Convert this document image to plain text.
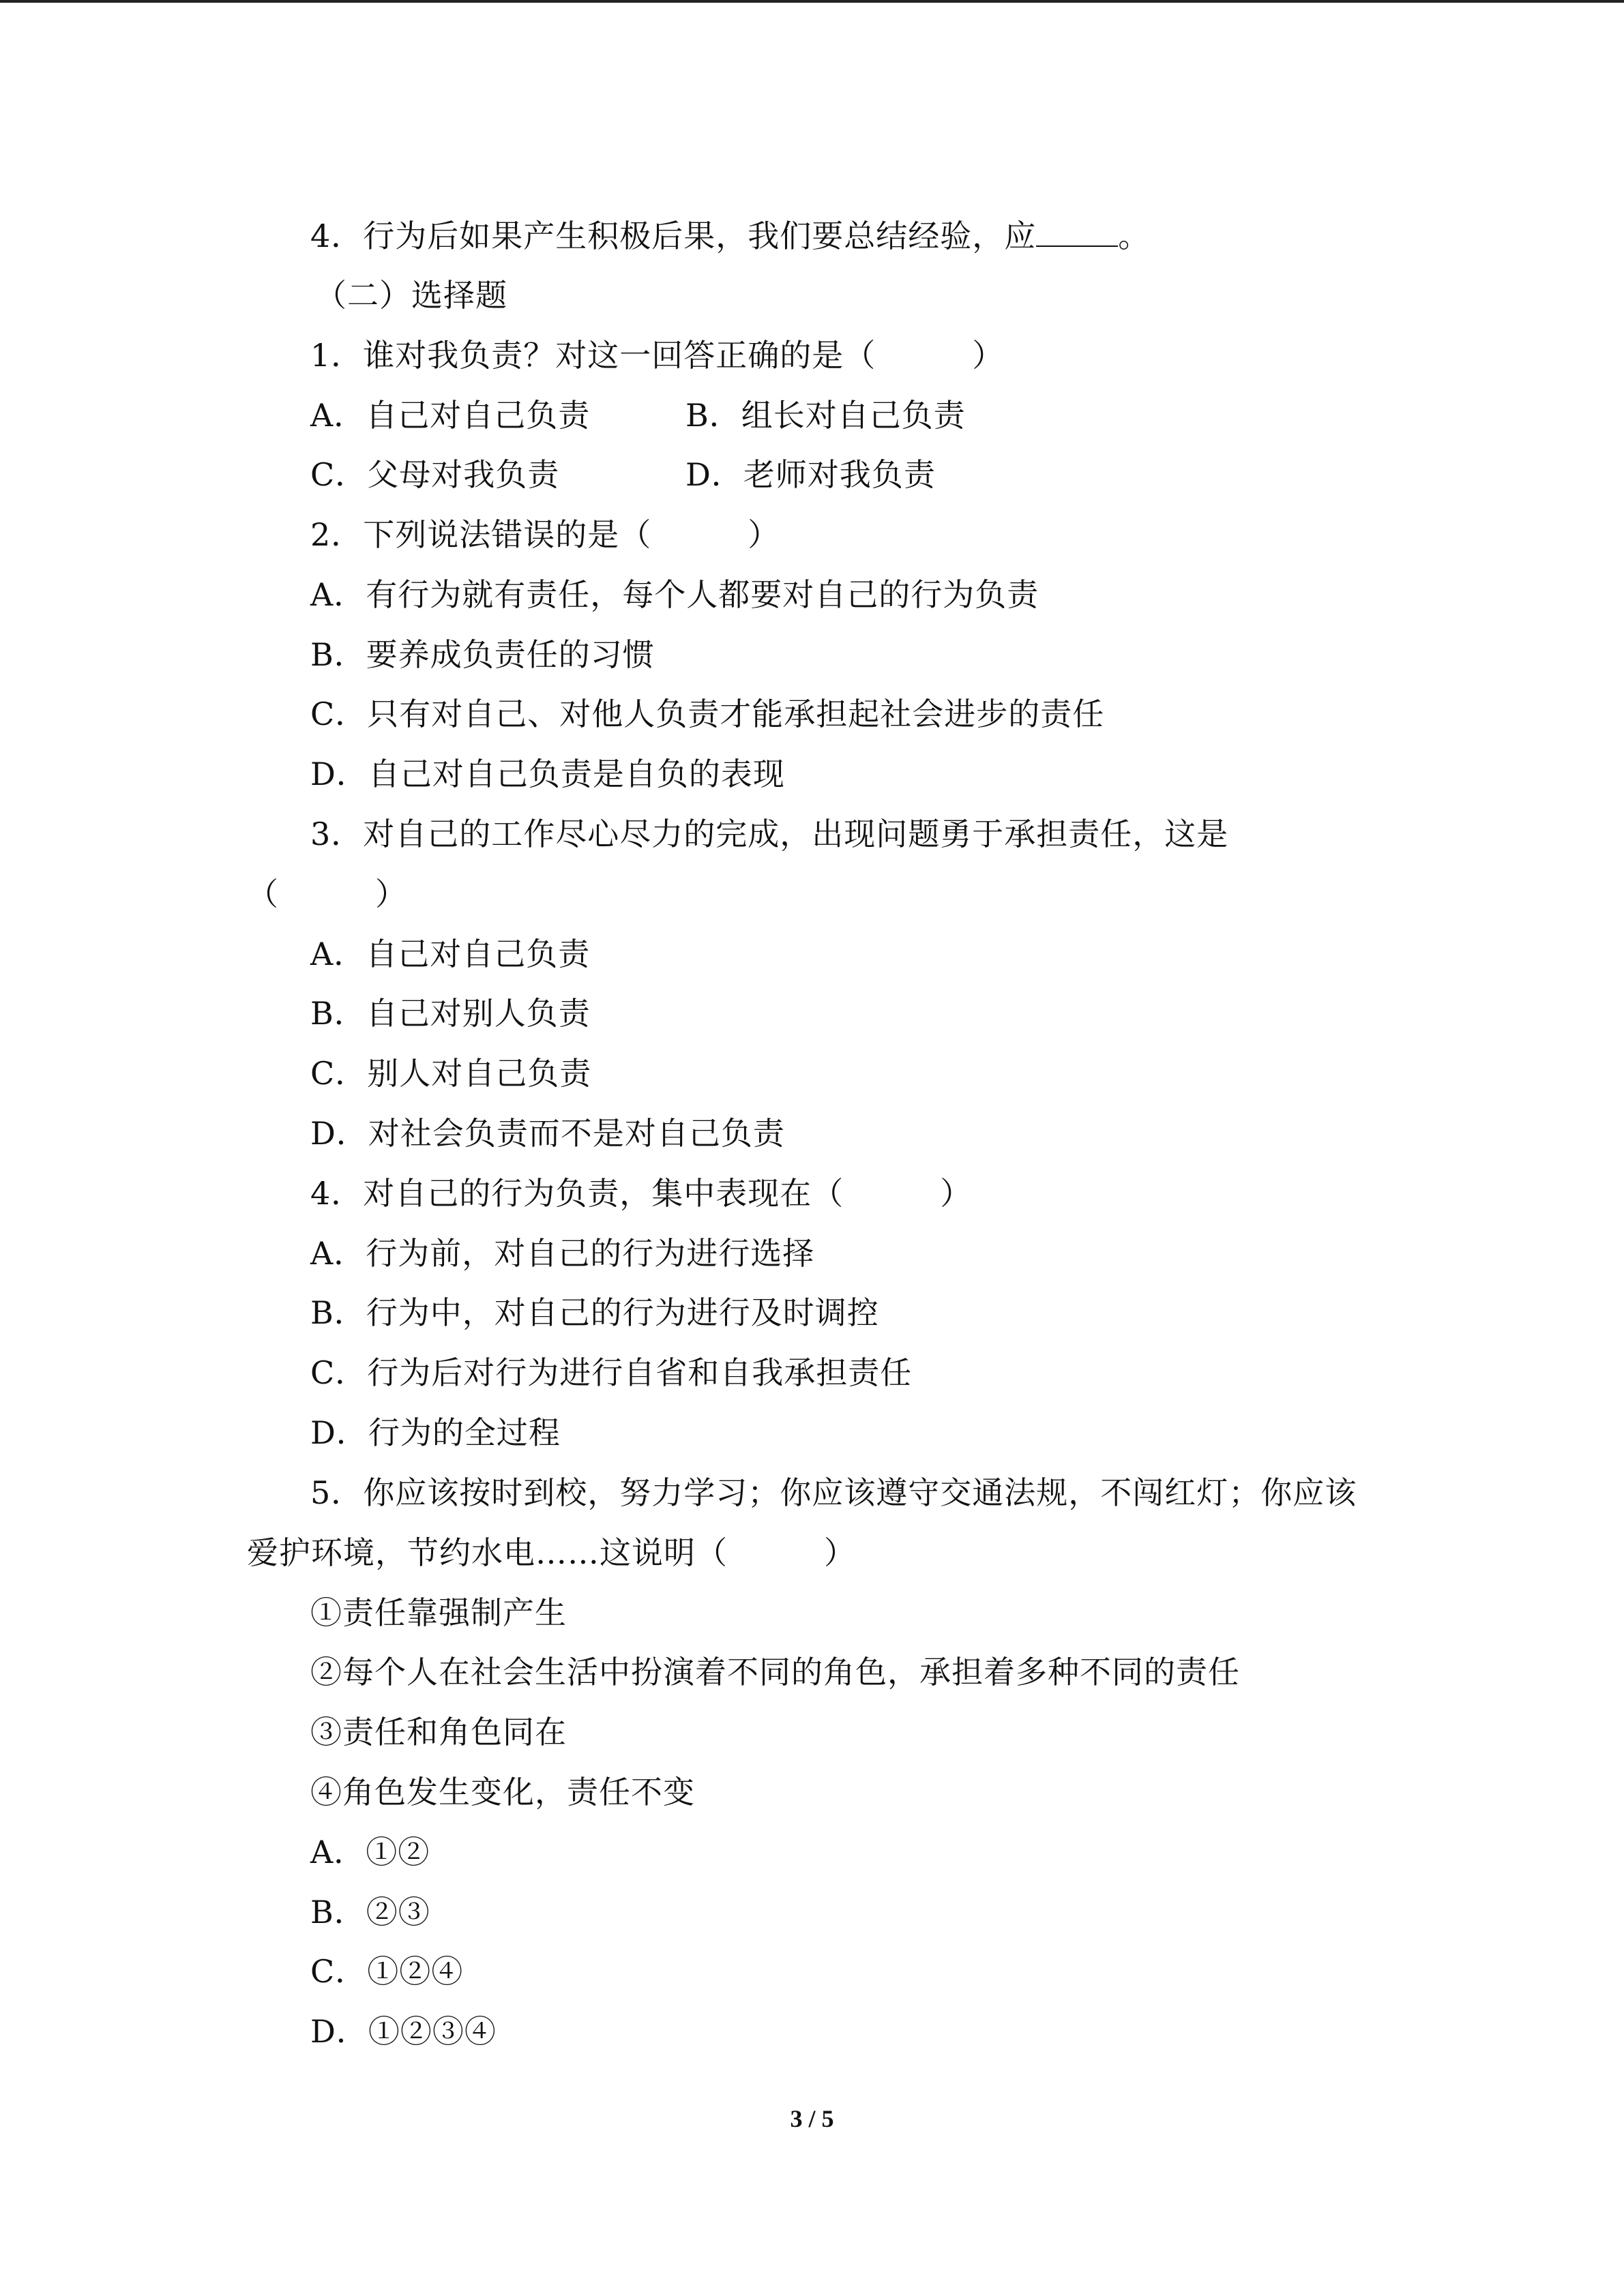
4．行为后如果产生积极后果，我们要总结经验，应	。
（二）选择题
1．谁对我负责？对这一回答正确的是（　　　）
A．自己对自己负责	B．组长对自己负责
C．父母对我负责	D．老师对我负责
2．下列说法错误的是（　　　）
A．有行为就有责任，每个人都要对自己的行为负责
B．要养成负责任的习惯
C．只有对自己、对他人负责才能承担起社会进步的责任
D．自己对自己负责是自负的表现
3．对自己的工作尽心尽力的完成，出现问题勇于承担责任，这是
（　　　）
A．自己对自己负责
B．自己对别人负责
C．别人对自己负责
D．对社会负责而不是对自己负责
4．对自己的行为负责，集中表现在（　　　）
A．行为前，对自己的行为进行选择
B．行为中，对自己的行为进行及时调控
C．行为后对行为进行自省和自我承担责任
D．行为的全过程
5．你应该按时到校，努力学习；你应该遵守交通法规，不闯红灯；你应该
爱护环境，节约水电……这说明（　　　）
①责任靠强制产生
②每个人在社会生活中扮演着不同的角色，承担着多种不同的责任
③责任和角色同在
④角色发生变化，责任不变
A．①②
B．②③
C．①②④
D．①②③④
3 / 5
